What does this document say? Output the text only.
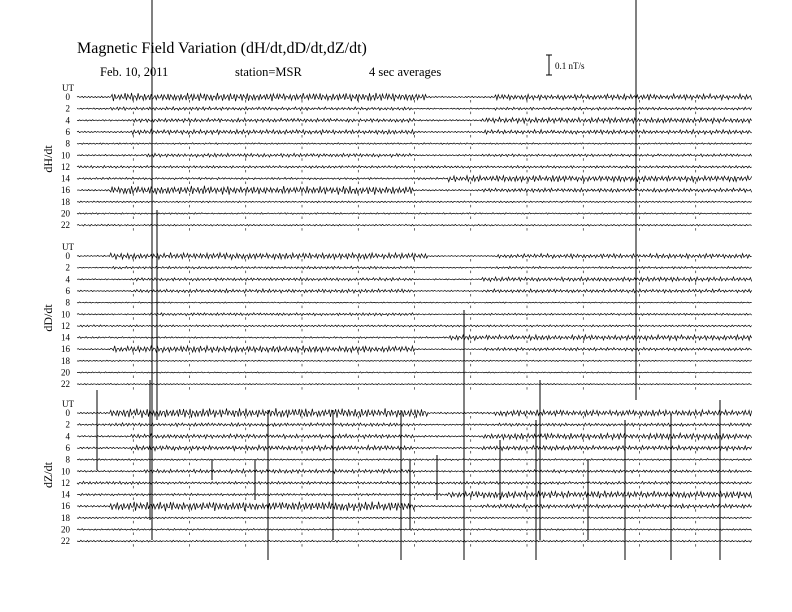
Magnetic Field Variation (dH/dt,dD/dt,dZ/dt)
Feb. 10, 2011	station=MSR	4 sec averages	0.1 nT/s
UT
dH/dt
0
2
4
6
8
10
12
14
16
18
20
22
UT
dD/dt
0
2
4
6
8
10
12
14
16
18
20
22
UT
dZ/dt
0
2
4
6
8
10
12
14
16
18
20
22
